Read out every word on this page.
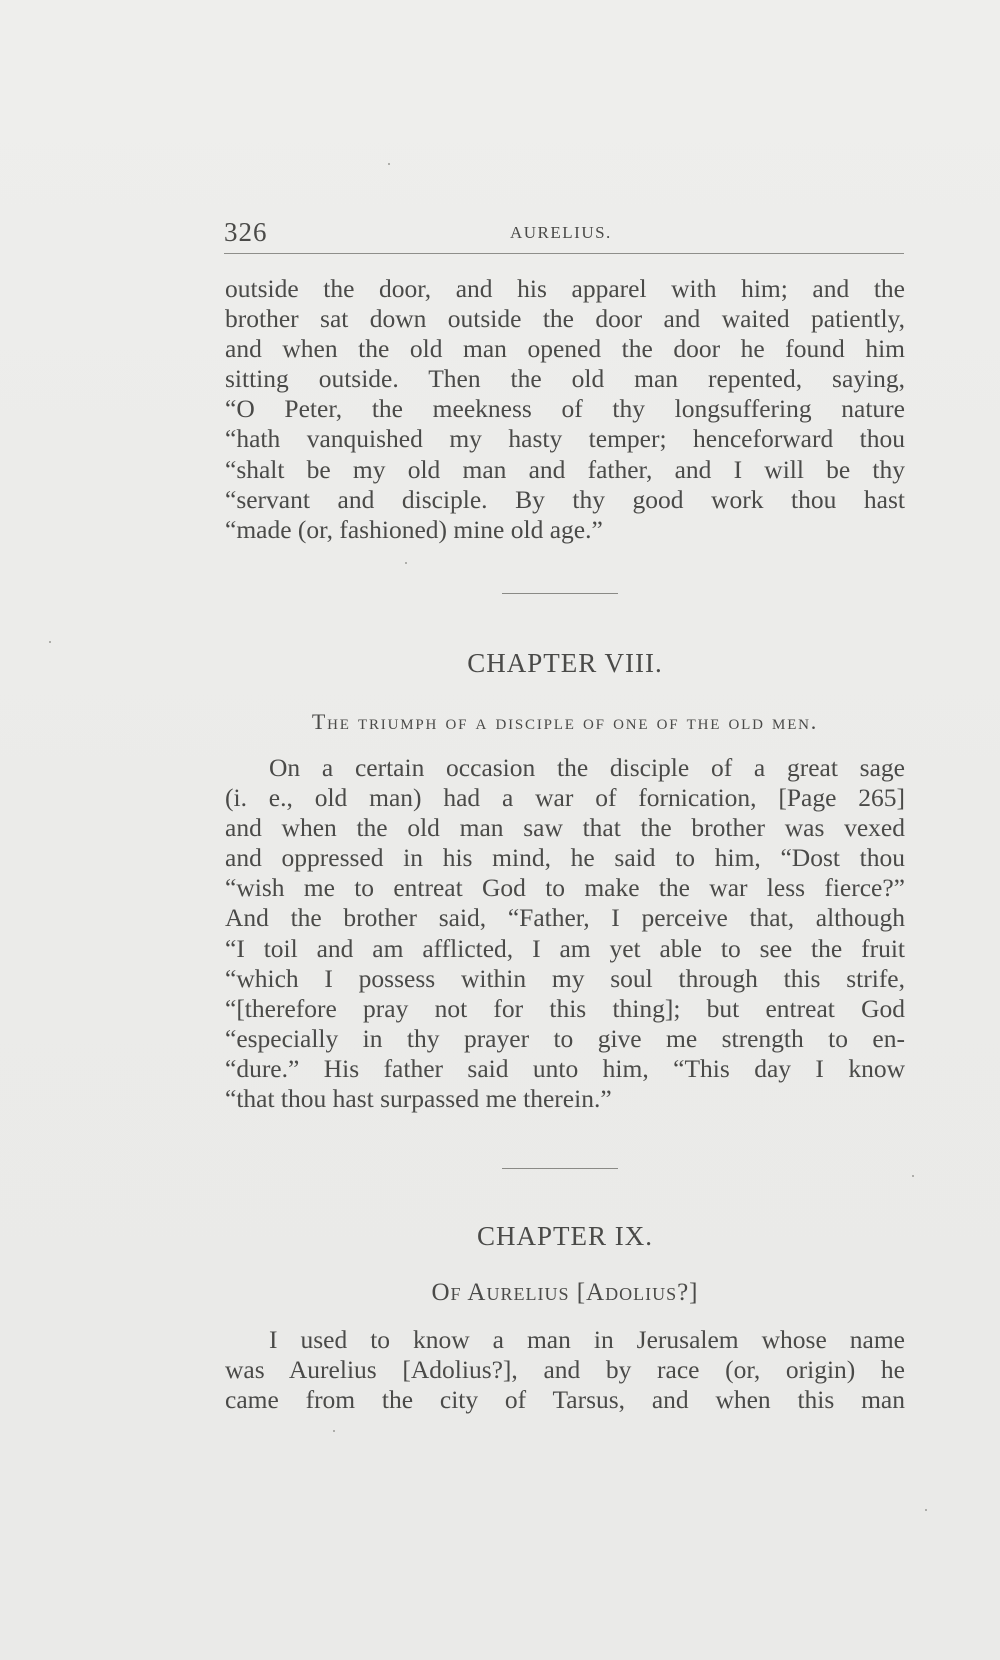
326	AURELIUS.
outside the door, and his apparel with him; and the
brother sat down outside the door and waited patiently,
and when the old man opened the door he found him
sitting outside. Then the old man repented, saying,
“O Peter, the meekness of thy longsuffering nature
“hath vanquished my hasty temper; henceforward thou
“shalt be my old man and father, and I will be thy
“servant and disciple. By thy good work thou hast
“made (or, fashioned) mine old age.”
CHAPTER VIII.
The triumph of a disciple of one of the old men.
On a certain occasion the disciple of a great sage
(i. e., old man) had a war of fornication, [Page 265]
and when the old man saw that the brother was vexed
and oppressed in his mind, he said to him, “Dost thou
“wish me to entreat God to make the war less fierce?”
And the brother said, “Father, I perceive that, although
“I toil and am afflicted, I am yet able to see the fruit
“which I possess within my soul through this strife,
“[therefore pray not for this thing]; but entreat God
“especially in thy prayer to give me strength to en-
“dure.” His father said unto him, “This day I know
“that thou hast surpassed me therein.”
CHAPTER IX.
Of Aurelius [Adolius?]
I used to know a man in Jerusalem whose name
was Aurelius [Adolius?], and by race (or, origin) he
came from the city of Tarsus, and when this man
